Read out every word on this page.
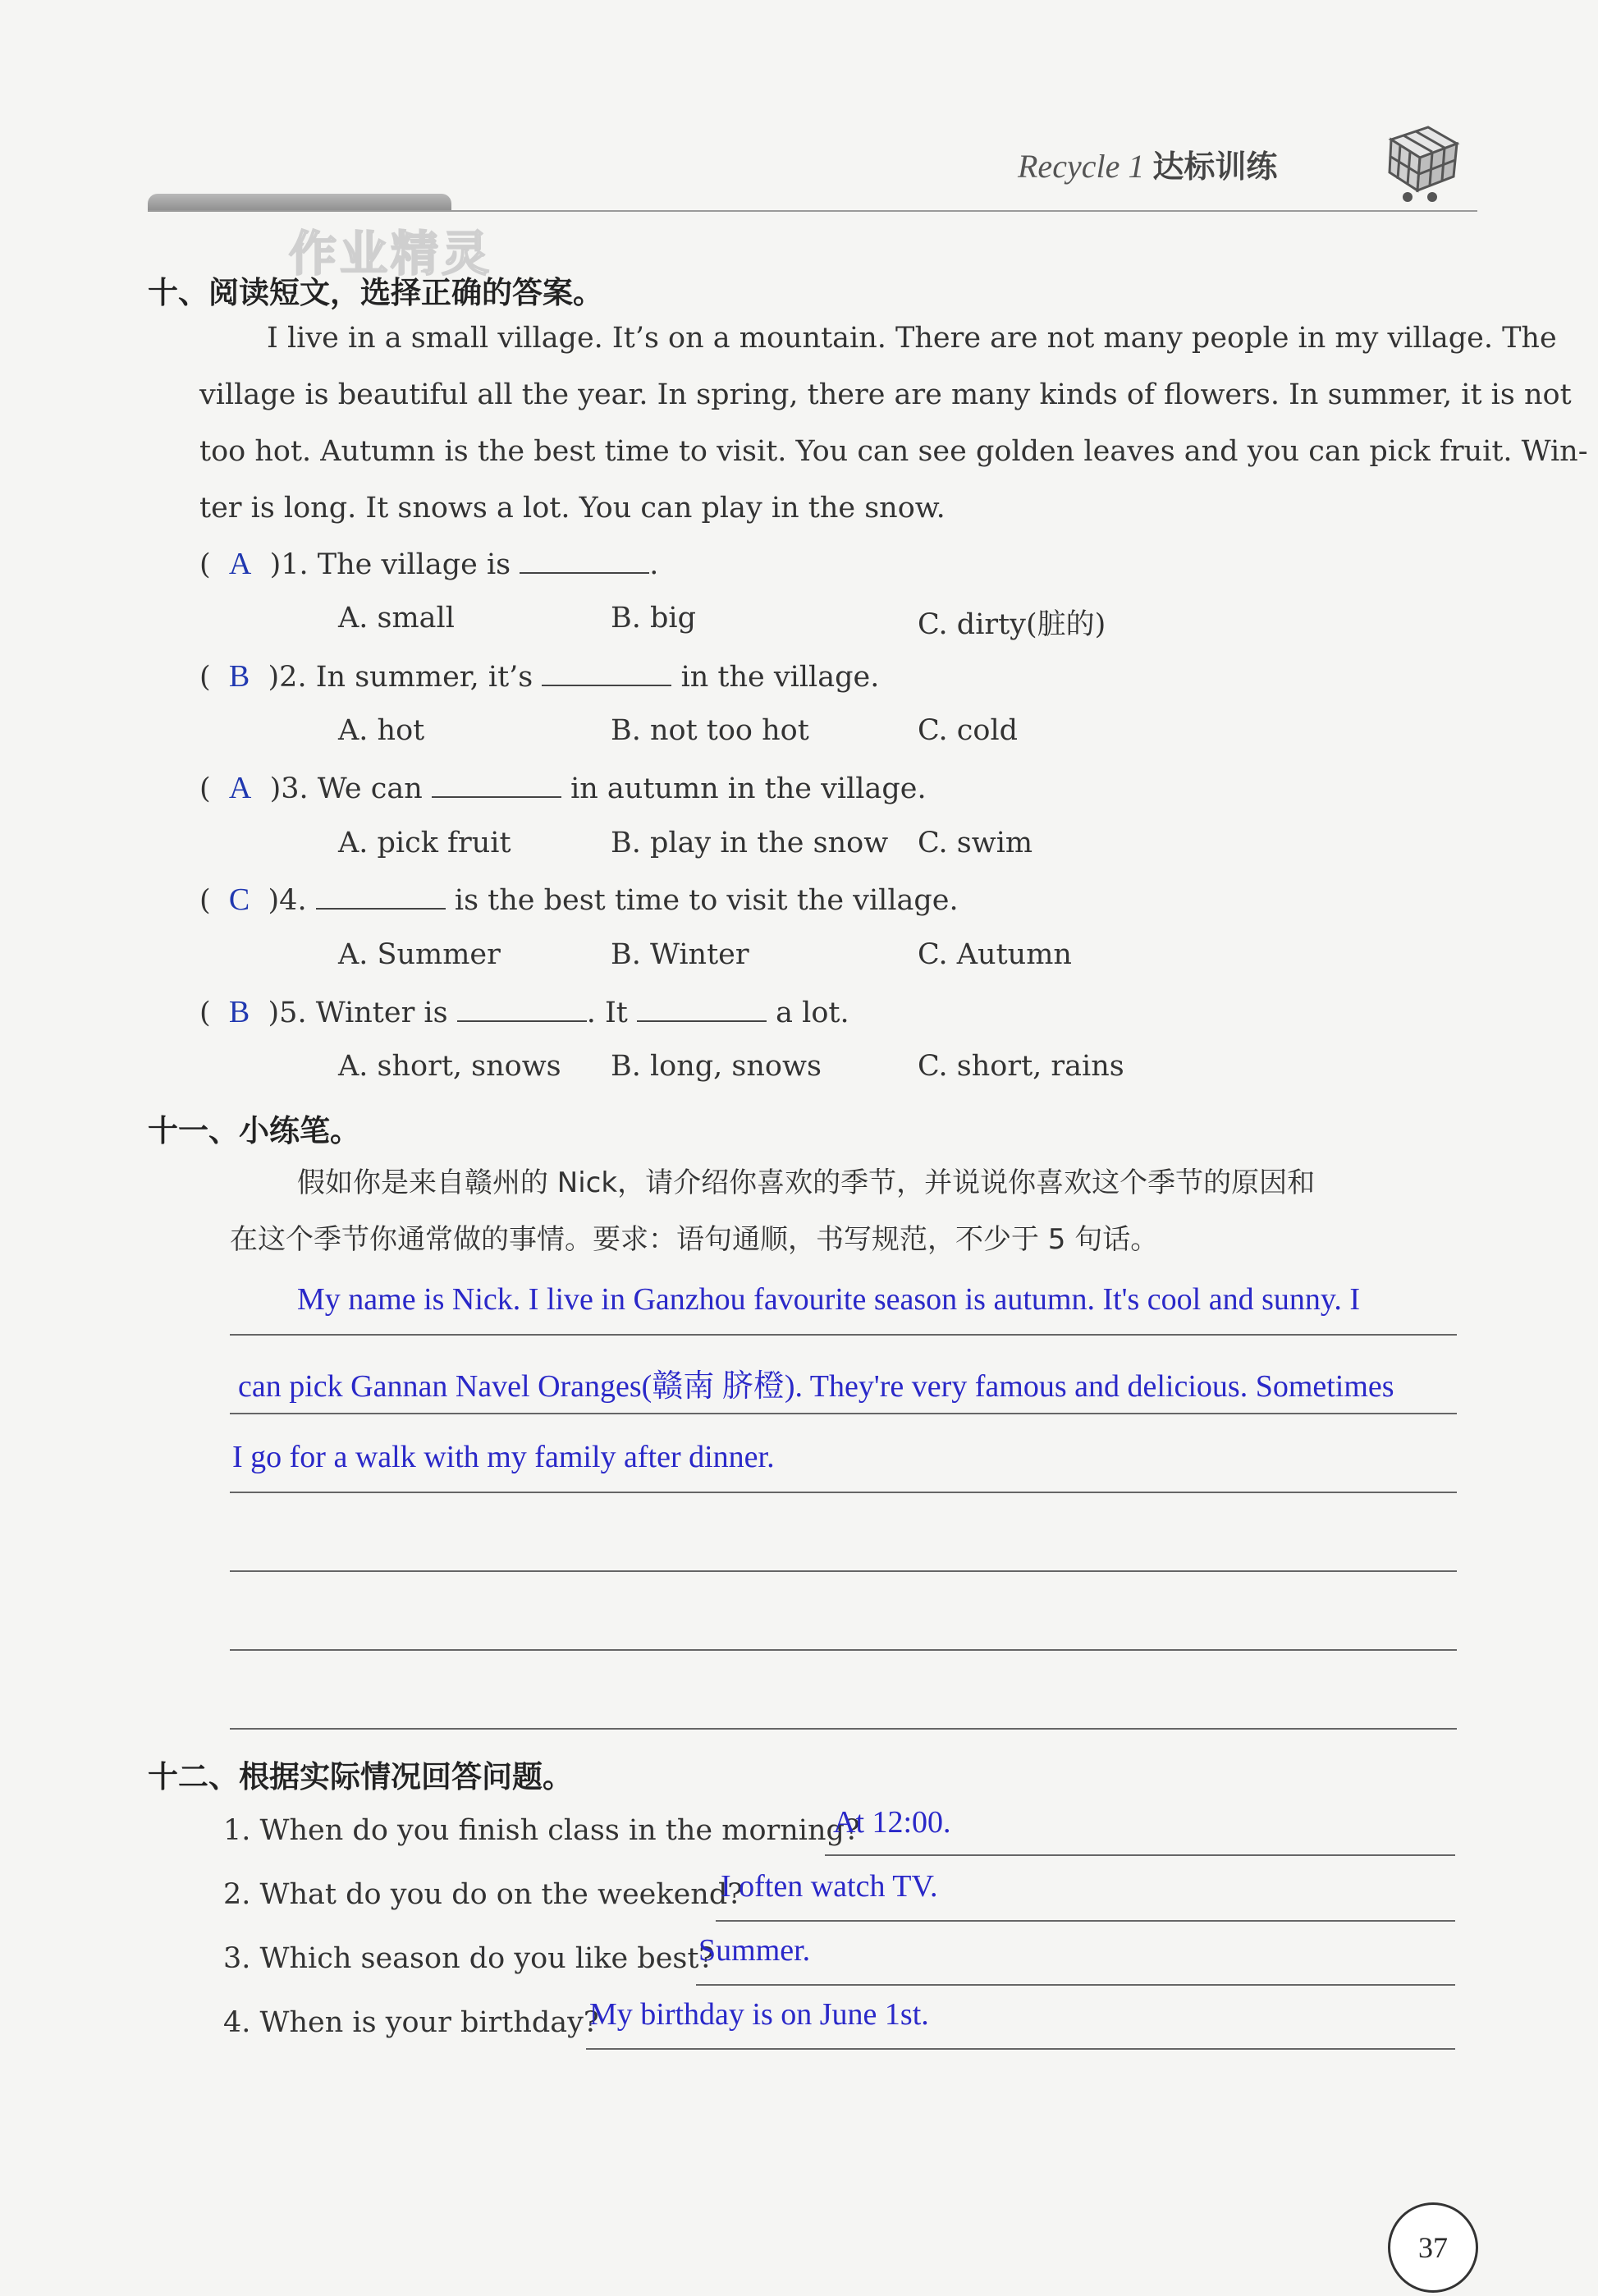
Recycle 1 达标训练
作业精灵
十、阅读短文，选择正确的答案。
I live in a small village. It’s on a mountain. There are not many people in my village. The
village is beautiful all the year. In spring, there are many kinds of flowers. In summer, it is not
too hot. Autumn is the best time to visit. You can see golden leaves and you can pick fruit. Win-
ter is long. It snows a lot. You can play in the snow.
(  A )1. The village is	.
A. small	B. big	C. dirty(脏的)
(  B )2. In summer, it’s	in the village.
A. hot	B. not too hot	C. cold
(  A )3. We can	in autumn in the village.
A. pick fruit	B. play in the snow C. swim
(  C )4.	is the best time to visit the village.
A. Summer	B. Winter	C. Autumn
(  B )5. Winter is	. It	a lot.
A. short, snows B. long, snows	C. short, rains
十一、小练笔。
假如你是来自赣州的 Nick，请介绍你喜欢的季节，并说说你喜欢这个季节的原因和
在这个季节你通常做的事情。要求：语句通顺，书写规范，不少于 5 句话。
My name is Nick. I live in Ganzhou favourite season is autumn. It's cool and sunny. I
can pick Gannan Navel Oranges(赣南 脐橙). They're very famous and delicious. Sometimes
I go for a walk with my family after dinner.
十二、根据实际情况回答问题。
1. When do you finish class in the morning?
At 12:00.
2. What do you do on the weekend?
I often watch TV.
3. Which season do you like best?
Summer.
4. When is your birthday?
My birthday is on June 1st.
37
